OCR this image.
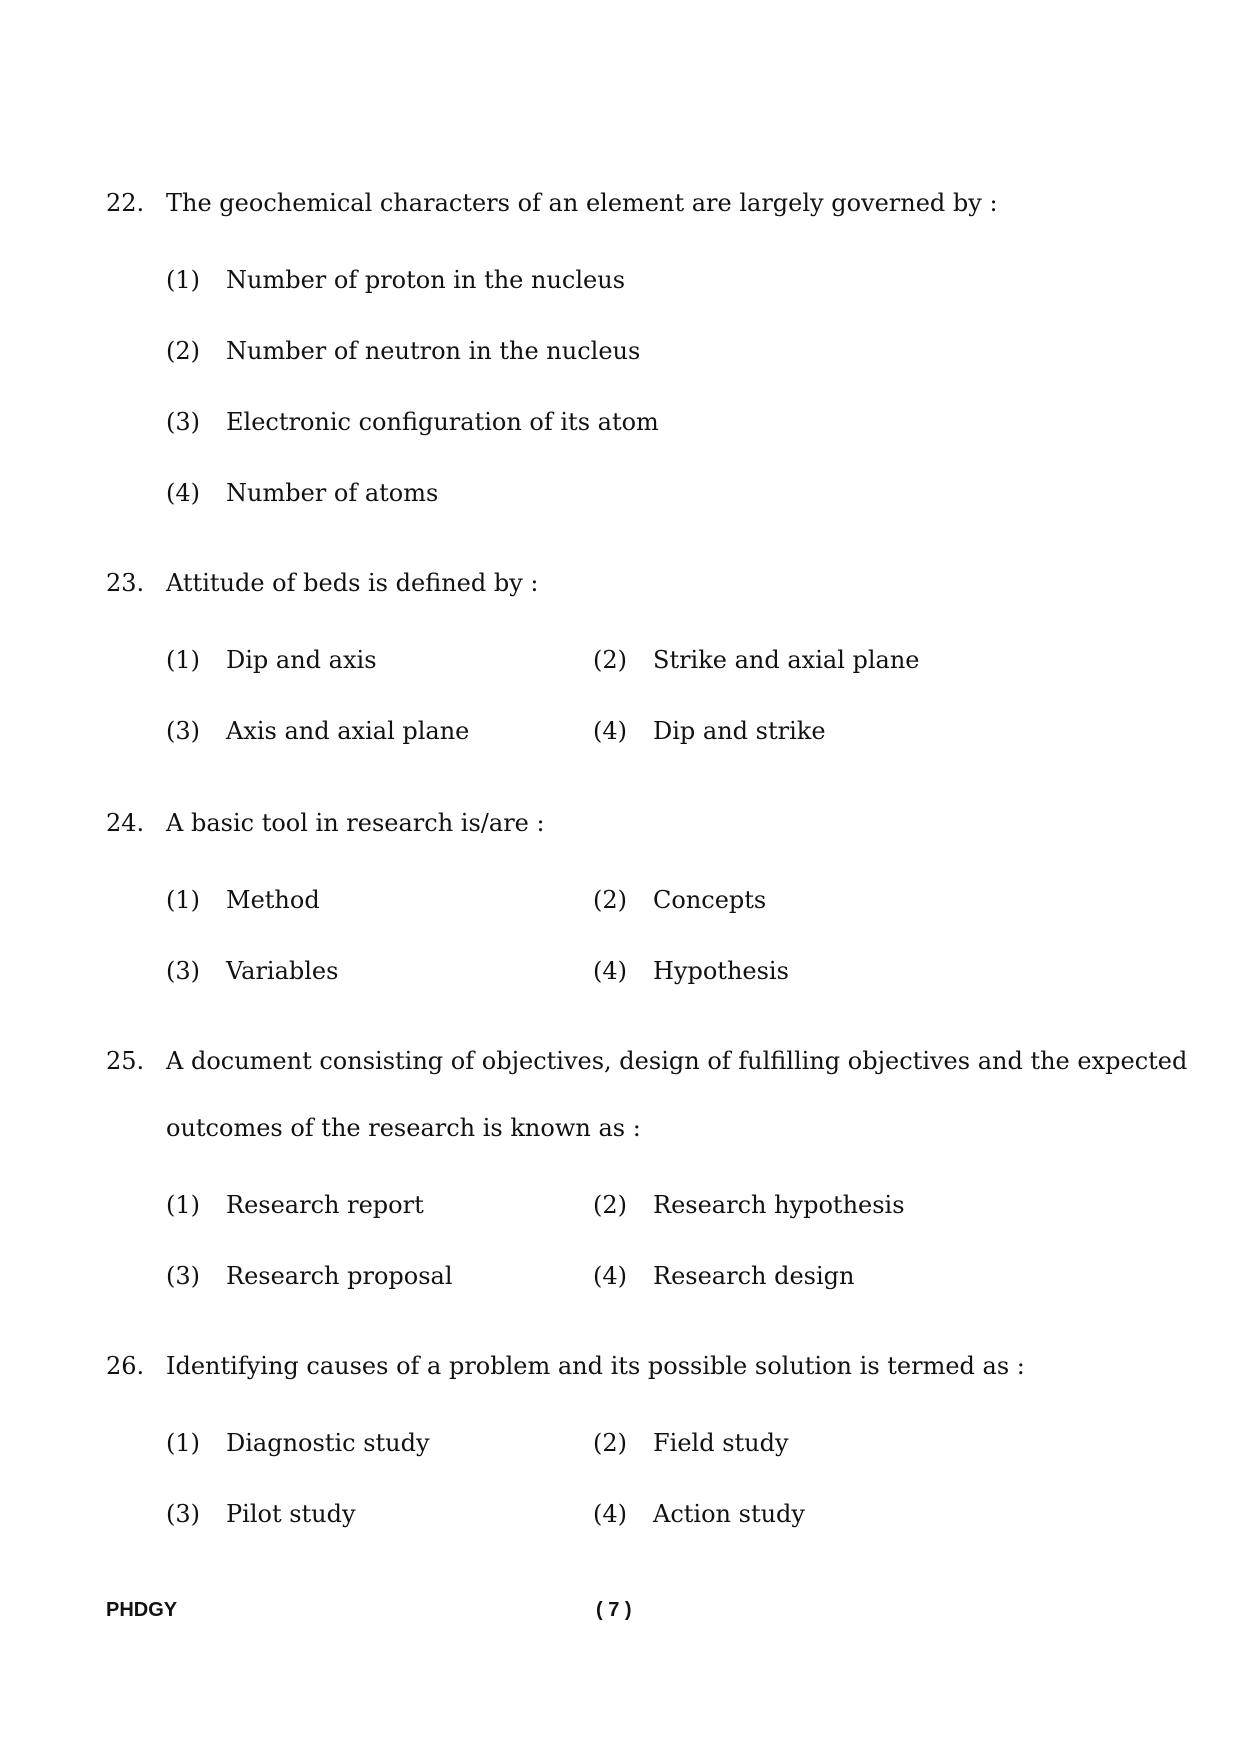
22. The geochemical characters of an element are largely governed by :
(1) Number of proton in the nucleus
(2) Number of neutron in the nucleus
(3) Electronic configuration of its atom
(4) Number of atoms
23. Attitude of beds is defined by :
(1) Dip and axis	(2) Strike and axial plane
(3) Axis and axial plane	(4) Dip and strike
24. A basic tool in research is/are :
(1) Method	(2) Concepts
(3) Variables	(4) Hypothesis
25. A document consisting of objectives, design of fulfilling objectives and the expected
outcomes of the research is known as :
(1) Research report	(2) Research hypothesis
(3) Research proposal	(4) Research design
26. Identifying causes of a problem and its possible solution is termed as :
(1) Diagnostic study	(2) Field study
(3) Pilot study	(4) Action study
PHDGY	( 7 )
